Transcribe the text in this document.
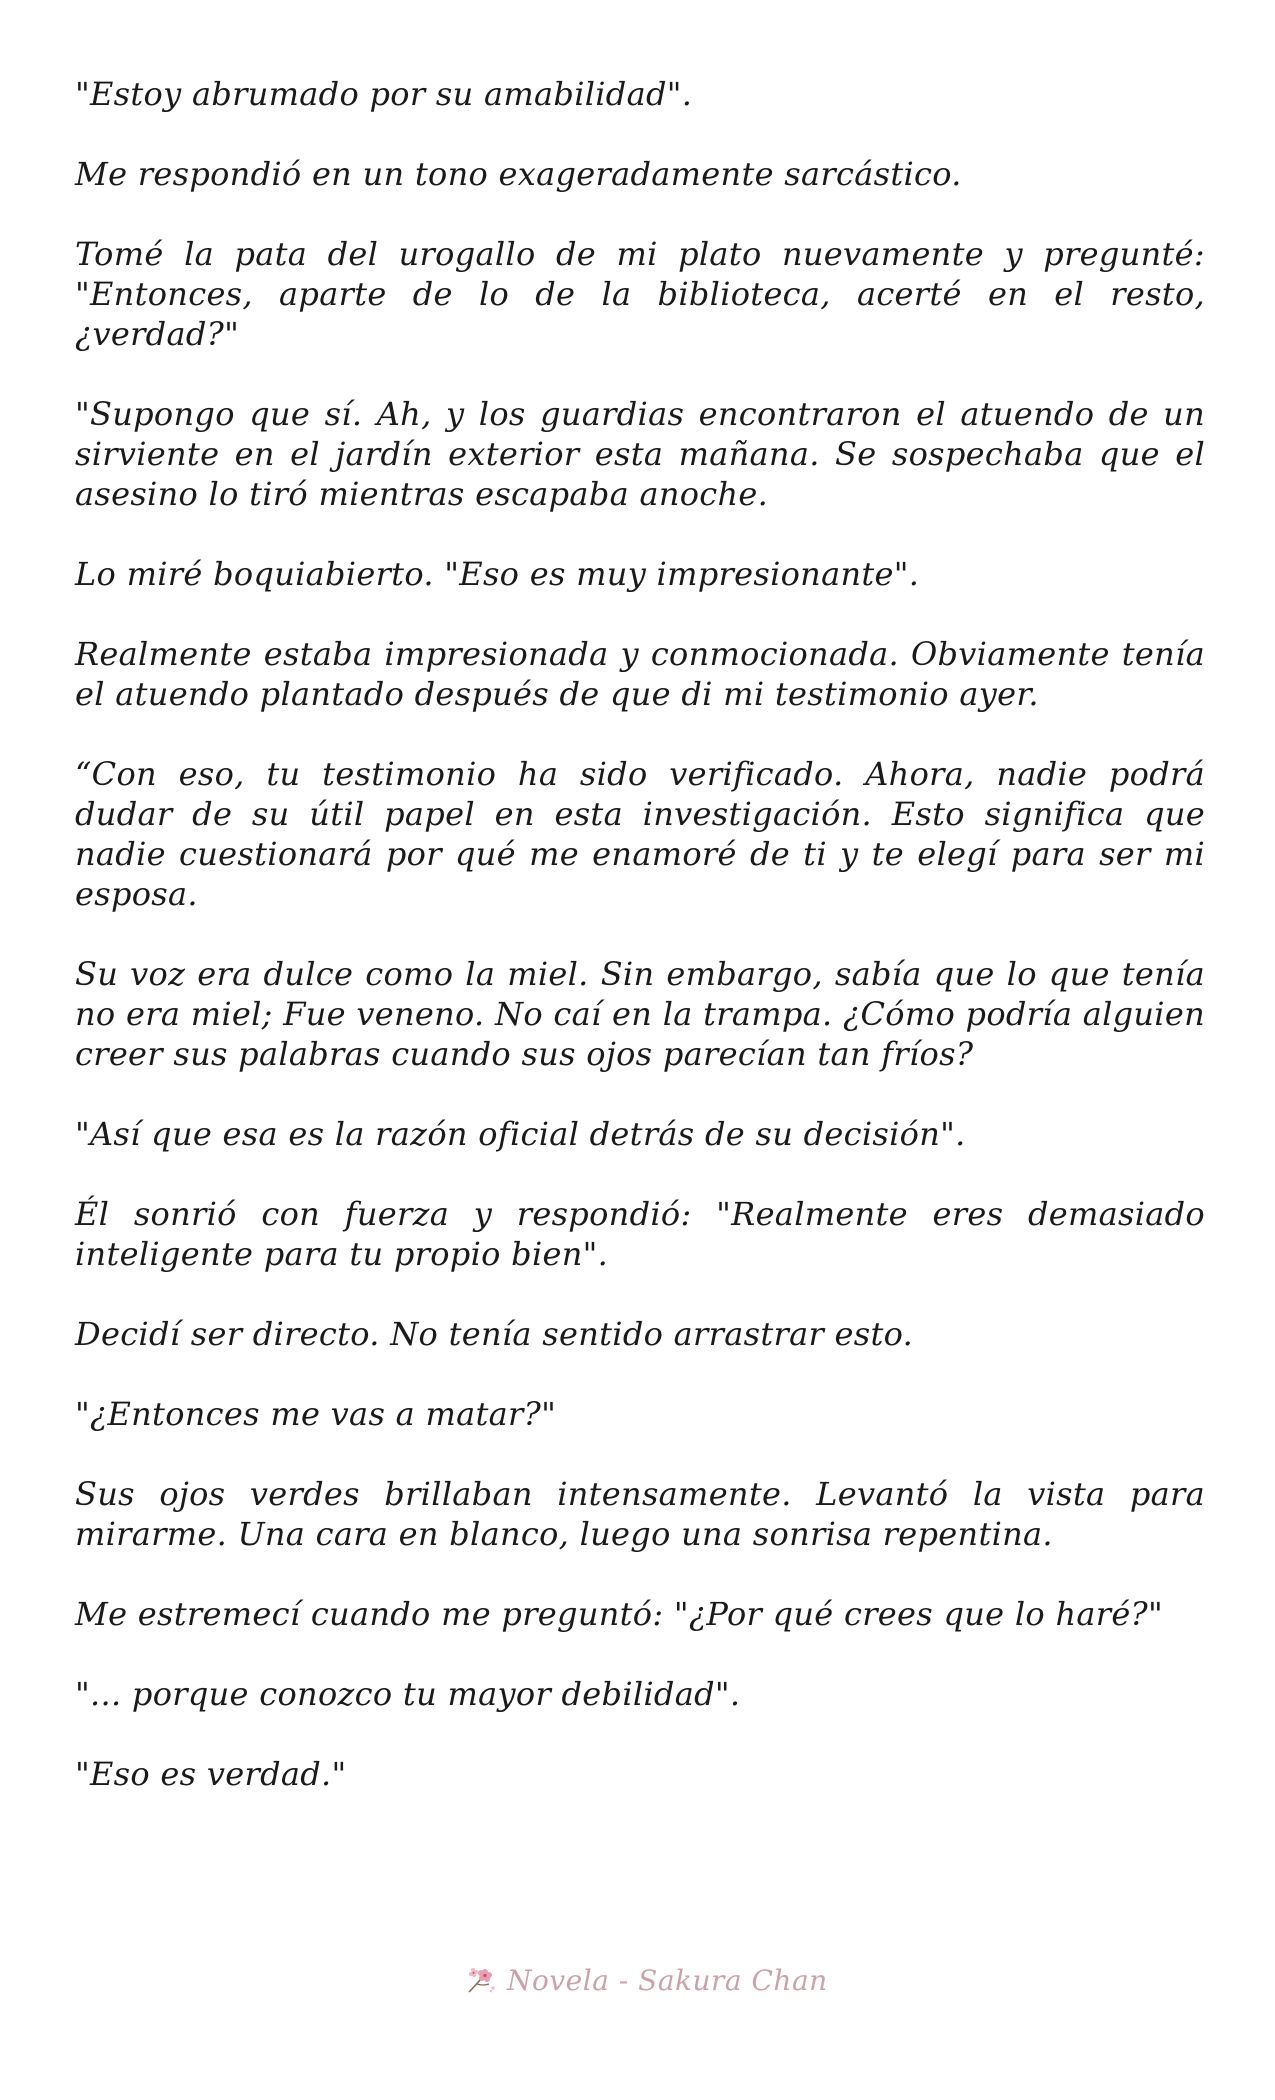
"Estoy abrumado por su amabilidad".

Me respondió en un tono exageradamente sarcástico.

Tomé la pata del urogallo de mi plato nuevamente y pregunté: "Entonces, aparte de lo de la biblioteca, acerté en el resto, ¿verdad?"

"Supongo que sí. Ah, y los guardias encontraron el atuendo de un sirviente en el jardín exterior esta mañana. Se sospechaba que el asesino lo tiró mientras escapaba anoche.

Lo miré boquiabierto. "Eso es muy impresionante".

Realmente estaba impresionada y conmocionada. Obviamente tenía el atuendo plantado después de que di mi testimonio ayer.

“Con eso, tu testimonio ha sido verificado. Ahora, nadie podrá dudar de su útil papel en esta investigación. Esto significa que nadie cuestionará por qué me enamoré de ti y te elegí para ser mi esposa.

Su voz era dulce como la miel. Sin embargo, sabía que lo que tenía no era miel; Fue veneno. No caí en la trampa. ¿Cómo podría alguien creer sus palabras cuando sus ojos parecían tan fríos?

"Así que esa es la razón oficial detrás de su decisión".

Él sonrió con fuerza y respondió: "Realmente eres demasiado inteligente para tu propio bien".

Decidí ser directo. No tenía sentido arrastrar esto.

"¿Entonces me vas a matar?"

Sus ojos verdes brillaban intensamente. Levantó la vista para mirarme. Una cara en blanco, luego una sonrisa repentina.

Me estremecí cuando me preguntó: "¿Por qué crees que lo haré?"

"... porque conozco tu mayor debilidad".

"Eso es verdad."

Novela - Sakura Chan
